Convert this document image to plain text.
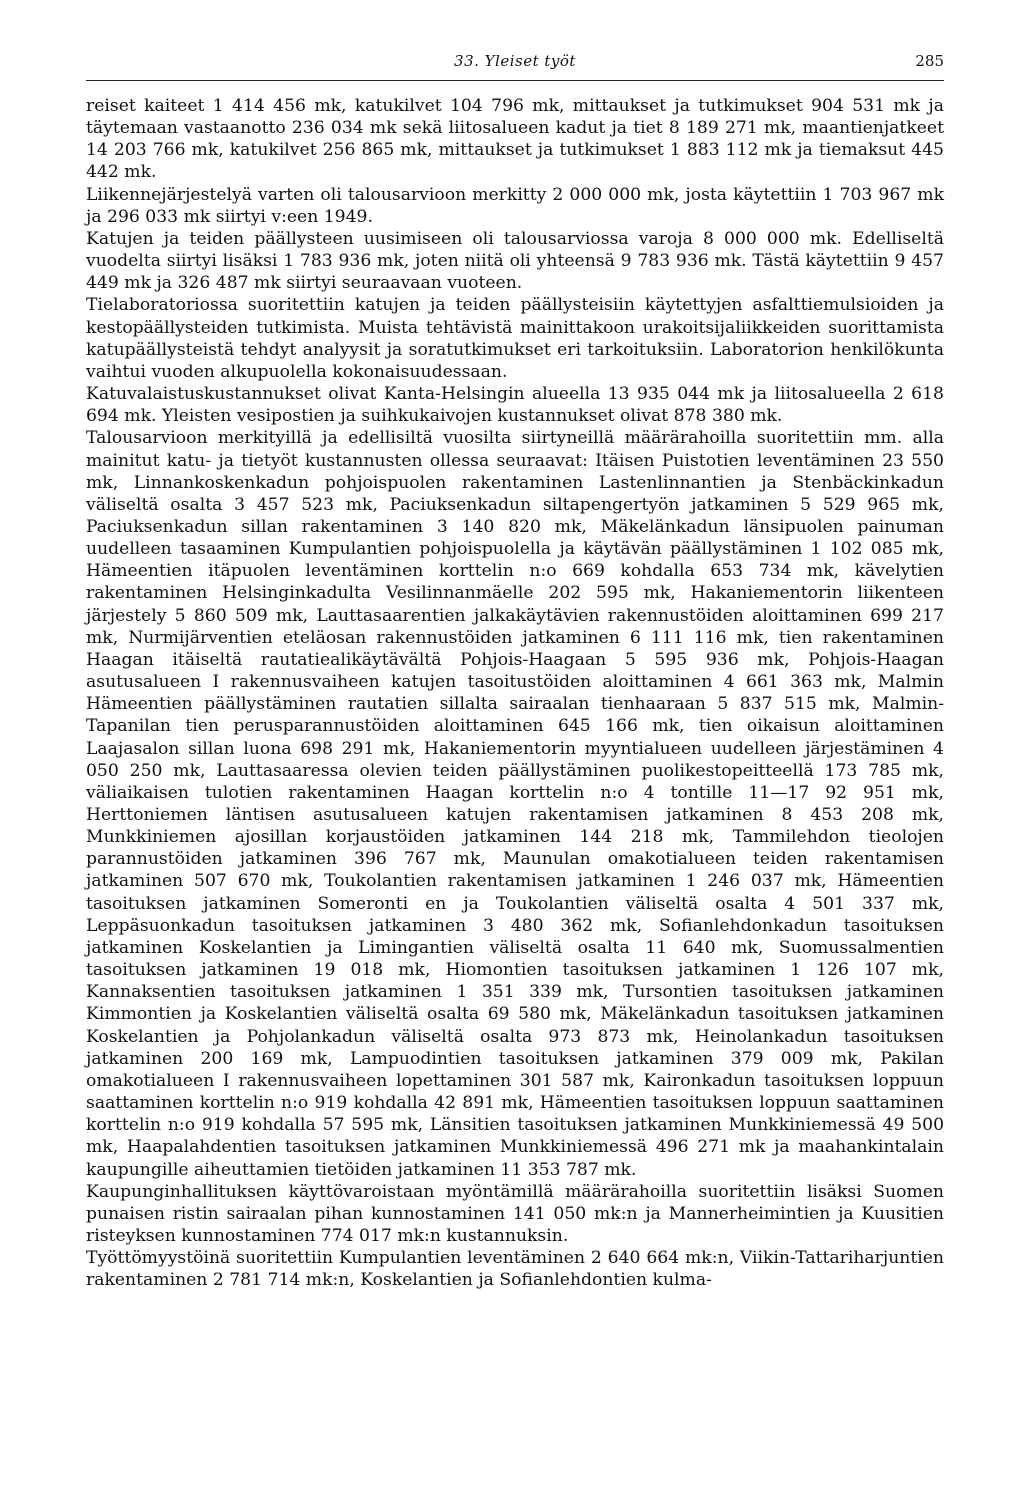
33. Yleiset työt	285

reiset kaiteet 1 414 456 mk, katukilvet 104 796 mk, mittaukset ja tutkimukset 904 531 mk ja täytemaan vastaanotto 236 034 mk sekä liitosalueen kadut ja tiet 8 189 271 mk, maantienjatkeet 14 203 766 mk, katukilvet 256 865 mk, mittaukset ja tutkimukset 1 883 112 mk ja tiemaksut 445 442 mk.

Liikennejärjestelyä varten oli talousarvioon merkitty 2 000 000 mk, josta käytettiin 1 703 967 mk ja 296 033 mk siirtyi v:een 1949.

Katujen ja teiden päällysteen uusimiseen oli talousarviossa varoja 8 000 000 mk. Edelliseltä vuodelta siirtyi lisäksi 1 783 936 mk, joten niitä oli yhteensä 9 783 936 mk. Tästä käytettiin 9 457 449 mk ja 326 487 mk siirtyi seuraavaan vuoteen.

Tielaboratoriossa suoritettiin katujen ja teiden päällysteisiin käytettyjen asfalttiemulsioiden ja kestopäällysteiden tutkimista. Muista tehtävistä mainittakoon urakoitsijaliikkeiden suorittamista katupäällysteistä tehdyt analyysit ja soratutkimukset eri tarkoituksiin. Laboratorion henkilökunta vaihtui vuoden alkupuolella kokonaisuudessaan.

Katuvalaistuskustannukset olivat Kanta-Helsingin alueella 13 935 044 mk ja liitosalueella 2 618 694 mk. Yleisten vesipostien ja suihkukaivojen kustannukset olivat 878 380 mk.

Talousarvioon merkityillä ja edellisiltä vuosilta siirtyneillä määrärahoilla suoritettiin mm. alla mainitut katu- ja tietyöt kustannusten ollessa seuraavat: Itäisen Puistotien leventäminen 23 550 mk, Linnankoskenkadun pohjoispuolen rakentaminen Lastenlinnantien ja Stenbäckinkadun väliseltä osalta 3 457 523 mk, Paciuksenkadun siltapengertyön jatkaminen 5 529 965 mk, Paciuksenkadun sillan rakentaminen 3 140 820 mk, Mäkelänkadun länsipuolen painuman uudelleen tasaaminen Kumpulantien pohjoispuolella ja käytävän päällystäminen 1 102 085 mk, Hämeentien itäpuolen leventäminen korttelin n:o 669 kohdalla 653 734 mk, kävelytien rakentaminen Helsinginkadulta Vesilinnanmäelle 202 595 mk, Hakaniementorin liikenteen järjestely 5 860 509 mk, Lauttasaarentien jalkakäytävien rakennustöiden aloittaminen 699 217 mk, Nurmijärventien eteläosan rakennustöiden jatkaminen 6 111 116 mk, tien rakentaminen Haagan itäiseltä rautatiealikäytävältä Pohjois-Haagaan 5 595 936 mk, Pohjois-Haagan asutusalueen I rakennusvaiheen katujen tasoitustöiden aloittaminen 4 661 363 mk, Malmin Hämeentien päällystäminen rautatien sillalta sairaalan tienhaaraan 5 837 515 mk, Malmin-Tapanilan tien perusparannustöiden aloittaminen 645 166 mk, tien oikaisun aloittaminen Laajasalon sillan luona 698 291 mk, Hakaniementorin myyntialueen uudelleen järjestäminen 4 050 250 mk, Lauttasaaressa olevien teiden päällystäminen puolikestopeitteellä 173 785 mk, väliaikaisen tulotien rakentaminen Haagan korttelin n:o 4 tontille 11—17 92 951 mk, Herttoniemen läntisen asutusalueen katujen rakentamisen jatkaminen 8 453 208 mk, Munkkiniemen ajosillan korjaustöiden jatkaminen 144 218 mk, Tammilehdon tieolojen parannustöiden jatkaminen 396 767 mk, Maunulan omakotialueen teiden rakentamisen jatkaminen 507 670 mk, Toukolantien rakentamisen jatkaminen 1 246 037 mk, Hämeentien tasoituksen jatkaminen Someronti en ja Toukolantien väliseltä osalta 4 501 337 mk, Leppäsuonkadun tasoituksen jatkaminen 3 480 362 mk, Sofianlehdonkadun tasoituksen jatkaminen Koskelantien ja Limingantien väliseltä osalta 11 640 mk, Suomussalmentien tasoituksen jatkaminen 19 018 mk, Hiomontien tasoituksen jatkaminen 1 126 107 mk, Kannaksentien tasoituksen jatkaminen 1 351 339 mk, Tursontien tasoituksen jatkaminen Kimmontien ja Koskelantien väliseltä osalta 69 580 mk, Mäkelänkadun tasoituksen jatkaminen Koskelantien ja Pohjolankadun väliseltä osalta 973 873 mk, Heinolankadun tasoituksen jatkaminen 200 169 mk, Lampuodintien tasoituksen jatkaminen 379 009 mk, Pakilan omakotialueen I rakennusvaiheen lopettaminen 301 587 mk, Kaironkadun tasoituksen loppuun saattaminen korttelin n:o 919 kohdalla 42 891 mk, Hämeentien tasoituksen loppuun saattaminen korttelin n:o 919 kohdalla 57 595 mk, Länsitien tasoituksen jatkaminen Munkkiniemessä 49 500 mk, Haapalahdentien tasoituksen jatkaminen Munkkiniemessä 496 271 mk ja maahankintalain kaupungille aiheuttamien tietöiden jatkaminen 11 353 787 mk.

Kaupunginhallituksen käyttövaroistaan myöntämillä määrärahoilla suoritettiin lisäksi Suomen punaisen ristin sairaalan pihan kunnostaminen 141 050 mk:n ja Mannerheimintien ja Kuusitien risteyksen kunnostaminen 774 017 mk:n kustannuksin.

Työttömyystöinä suoritettiin Kumpulantien leventäminen 2 640 664 mk:n, Viikin-Tattariharjuntien rakentaminen 2 781 714 mk:n, Koskelantien ja Sofianlehdontien kulma-
